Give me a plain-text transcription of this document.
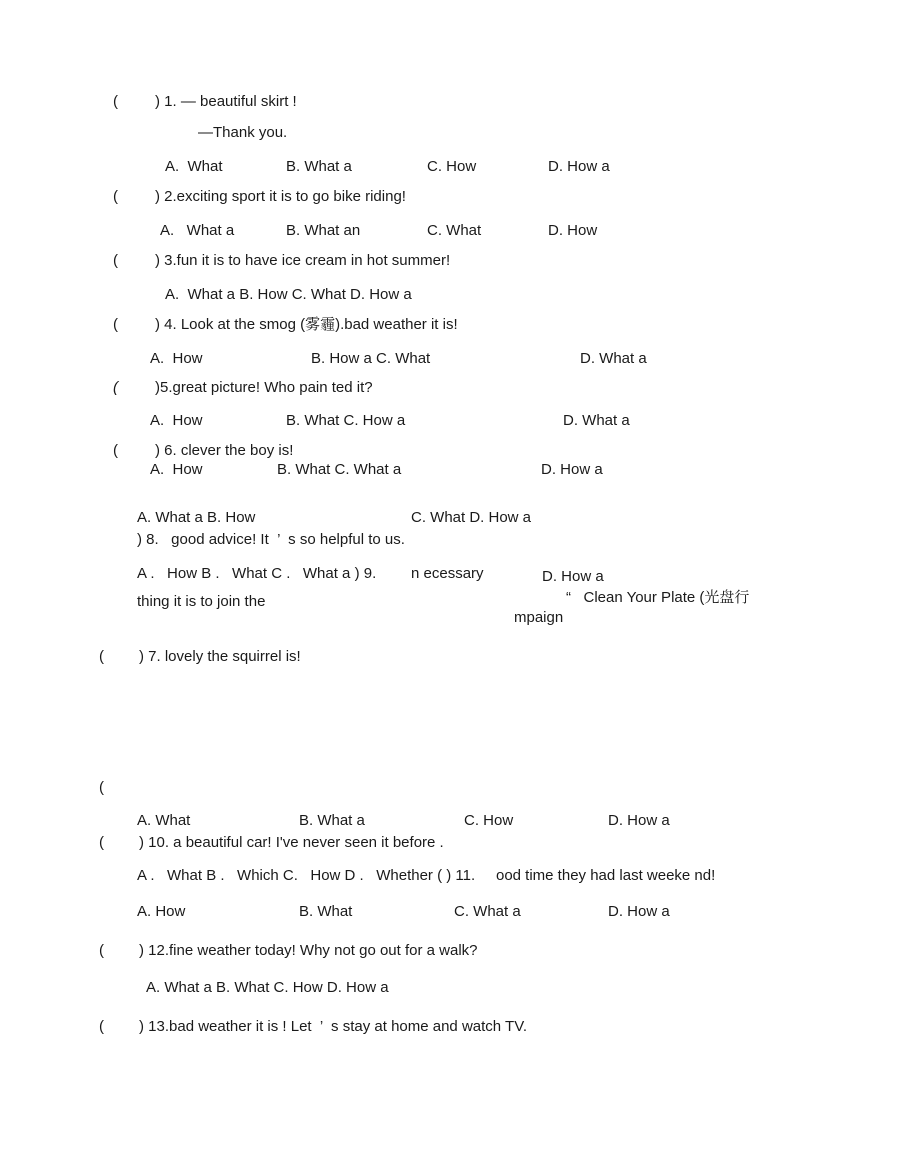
( ) 1. — beautiful skirt !
—Thank you.
A.  What	B. What a	C. How	D. How a
( ) 2.exciting sport it is to go bike riding!
A.   What a	B. What an	C. What	D. How
( ) 3.fun it is to have ice cream in hot summer!
A.  What a B. How C. What D. How a
( ) 4. Look at the smog (雾霾).bad weather it is!
A.  How	B. How a C. What	D. What a
( )5.great picture! Who pain ted it?
A.  How	B. What C. How a	D. What a
( ) 6. clever the boy is!
A.  How	B. What C. What a	D. How a
A. What a B. How	C. What D. How a
) 8.   good advice! It  ’  s so helpful to us.
A .   How B .   What C .   What a ) 9. n ecessary	D. How a
thing it is to join the	“   Clean Your Plate (光盘行
mpaign
( ) 7. lovely the squirrel is!
(
A. What	B. What a	C. How	D. How a
( ) 10. a beautiful car! I've never seen it before .
A .   What B .   Which C.   How D .   Whether ( ) 11.     ood time they had last weeke nd!
A. How	B. What	C. What a	D. How a
( ) 12.fine weather today! Why not go out for a walk?
A. What a B. What C. How D. How a
( ) 13.bad weather it is ! Let  ’  s stay at home and watch TV.
